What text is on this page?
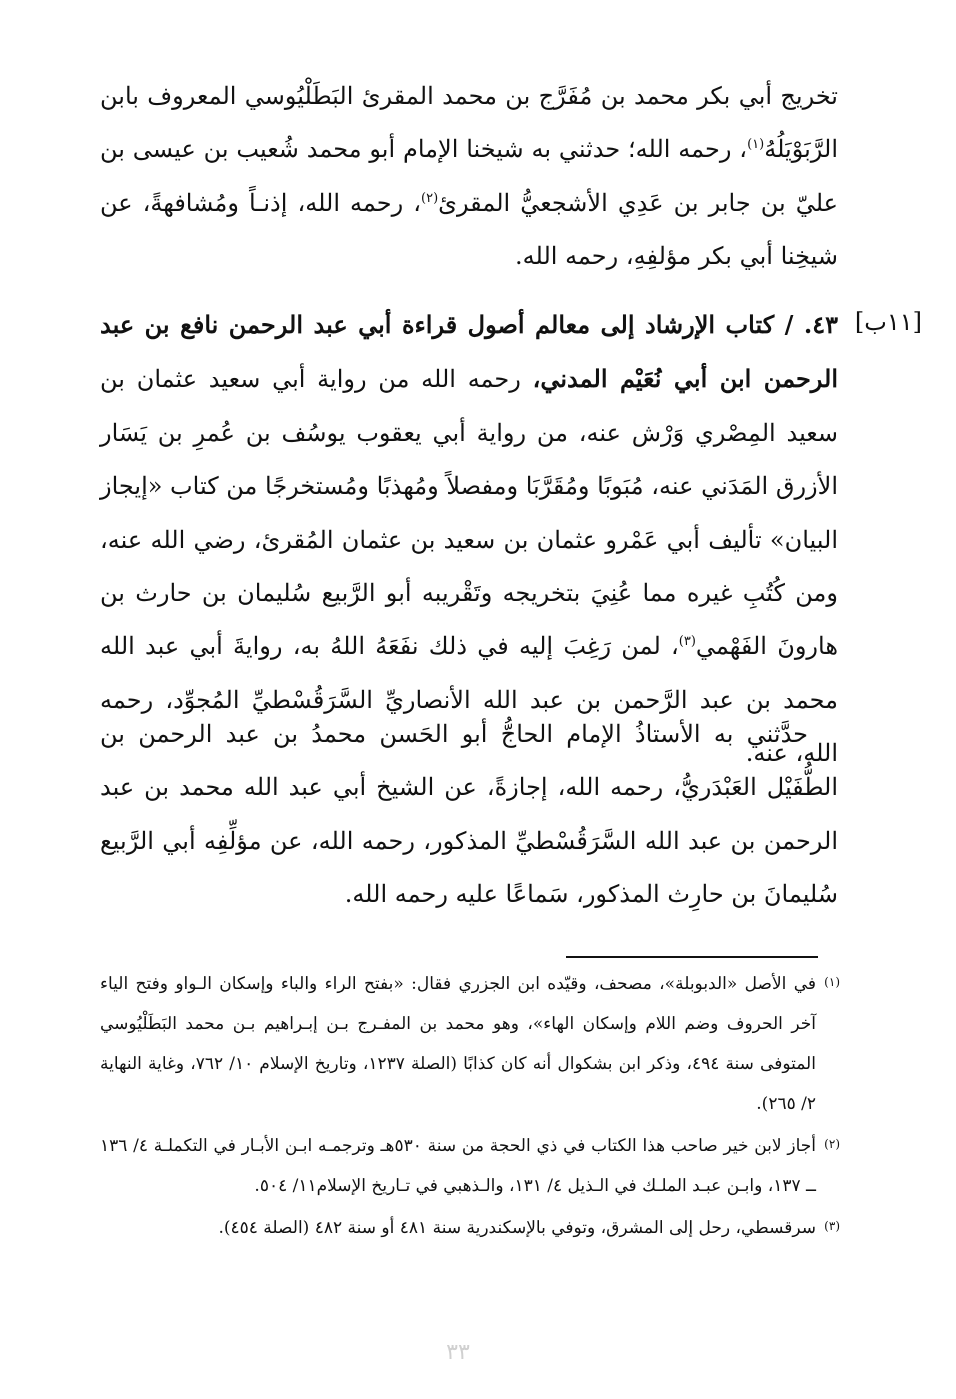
تخريج أبي بكر محمد بن مُفَرَّج بن محمد المقرئ البَطَلْيُوسي المعروف بابن الرَّبَوْيَلُهُ$^{(١)}$، رحمه الله؛ حدثني به شيخنا الإمام أبو محمد شُعيب بن عيسى بن عليّ بن جابر بن عَدِي الأشجعيُّ المقرئ$^{(٢)}$، رحمه الله، إذنـاً ومُشافهةً، عن شيخِنا أبي بكر مؤلفِهِ، رحمه الله.

[١١ب]

٤٣. / كتاب الإرشاد إلى معالم أصول قراءة أبي عبد الرحمن نافع بن عبد الرحمن ابن أبي نُعَيْم المدني، رحمه الله من رواية أبي سعيد عثمان بن سعيد المِصْري وَرْش عنه، من رواية أبي يعقوب يوسُف بن عُمرِ بن يَسَار الأزرق المَدَني عنه، مُبَوبًا ومُقَرَّبَا ومفصلاً ومُهذبًا ومُستخرجًا من كتاب «إيجاز البيان» تأليف أبي عَمْرو عثمان بن سعيد بن عثمان المُقرئ، رضي الله عنه، ومن كُتُبِ غيره مما عُنِيَ بتخريجه وتَقْريبه أبو الرَّبيع سُليمان بن حارث بن هارونَ الفَهْمي$^{(٣)}$، لمن رَغِبَ إليه في ذلك نفَعَهُ اللهُ به، روايةَ أبي عبد الله محمد بن عبد الرَّحمن بن عبد الله الأنصاريِّ السَّرَقُسْطيِّ المُجوِّد، رحمه الله، عنه.

حدَّثني به الأستاذُ الإمام الحاجُّ أبو الحَسن محمدُ بن عبد الرحمن بن الطُّفَيْل العَبْدَريُّ، رحمه الله، إجازةً، عن الشيخ أبي عبد الله محمد بن عبد الرحمن بن عبد الله السَّرَقُسْطيِّ المذكور، رحمه الله، عن مؤلِّفِه أبي الرَّبيع سُليمانَ بن حارِث المذكور، سَماعًا عليه رحمه الله.

(١)في الأصل «الدبوبلة»، مصحف، وقيّده ابن الجزري فقال: «بفتح الراء والباء وإسكان الـواو وفتح الياء آخر الحروف وضم اللام وإسكان الهاء»، وهو محمد بن المفـرج بـن إبـراهيم بـن محمد البَطَلْيُوسي المتوفى سنة ٤٩٤، وذكر ابن بشكوال أنه كان كذابًا (الصلة ١٢٣٧، وتاريخ الإسلام ١٠/ ٧٦٢، وغاية النهاية ٢/ ٢٦٥).

(٢)أجاز لابن خير صاحب هذا الكتاب في ذي الحجة من سنة ٥٣٠هـ وترجمـه ابـن الأبـار في التكملـة ٤/ ١٣٦ ــ ١٣٧، وابـن عبـد الملـك في الـذيل ٤/ ١٣١، والـذهبي في تـاريخ الإسلام١١/ ٥٠٤.

(٣)سرقسطي، رحل إلى المشرق، وتوفي بالإسكندرية سنة ٤٨١ أو سنة ٤٨٢ (الصلة ٤٥٤).

٣٣
